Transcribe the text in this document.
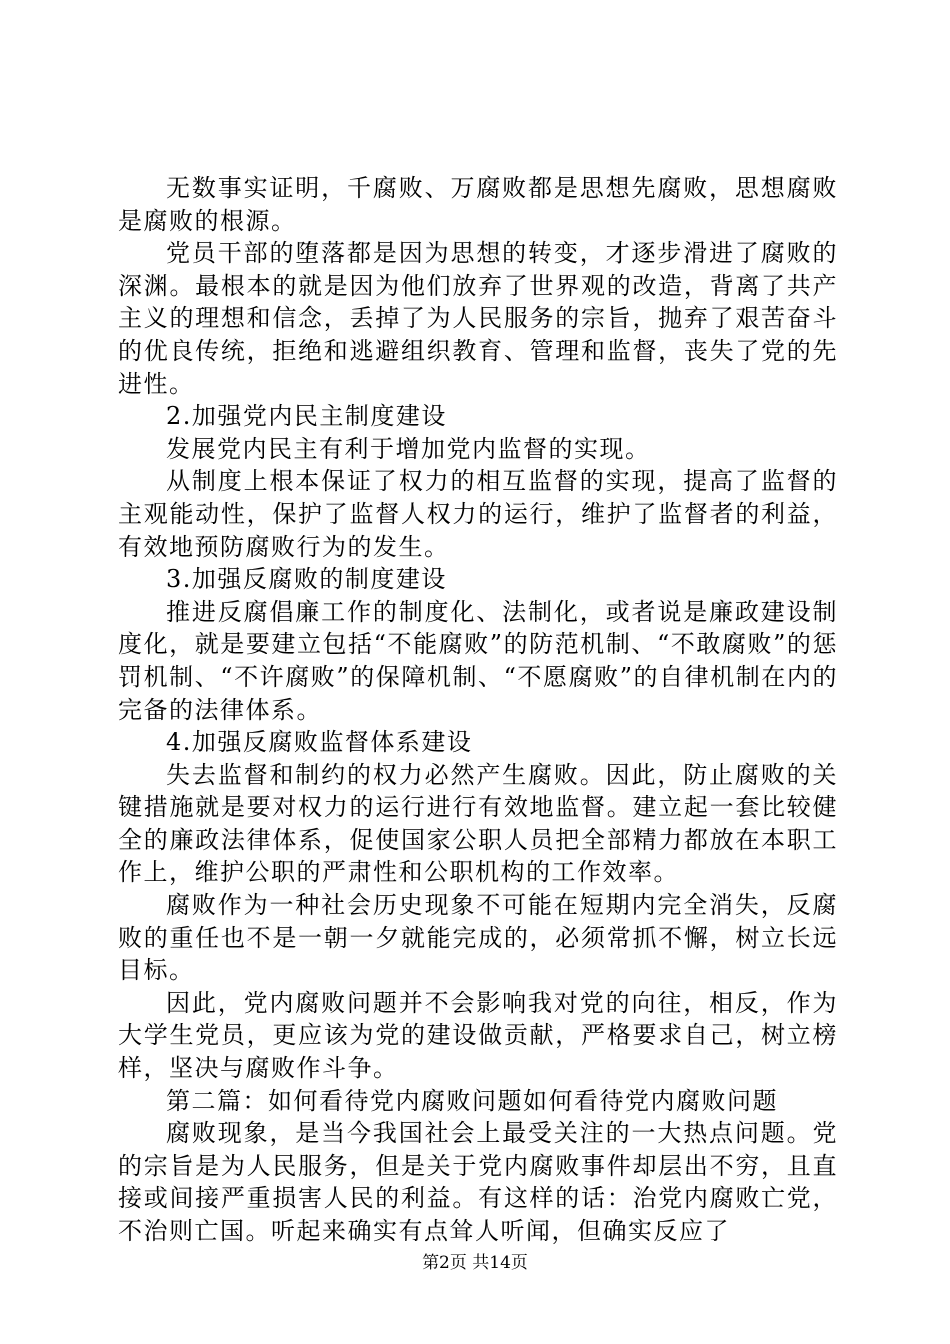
无数事实证明，千腐败、万腐败都是思想先腐败，思想腐败是腐败的根源。

党员干部的堕落都是因为思想的转变，才逐步滑进了腐败的深渊。最根本的就是因为他们放弃了世界观的改造，背离了共产主义的理想和信念，丢掉了为人民服务的宗旨，抛弃了艰苦奋斗的优良传统，拒绝和逃避组织教育、管理和监督，丧失了党的先进性。

2.加强党内民主制度建设

发展党内民主有利于增加党内监督的实现。

从制度上根本保证了权力的相互监督的实现，提高了监督的主观能动性，保护了监督人权力的运行，维护了监督者的利益，有效地预防腐败行为的发生。

3.加强反腐败的制度建设

推进反腐倡廉工作的制度化、法制化，或者说是廉政建设制度化，就是要建立包括“不能腐败”的防范机制、“不敢腐败”的惩罚机制、“不许腐败”的保障机制、“不愿腐败”的自律机制在内的完备的法律体系。

4.加强反腐败监督体系建设

失去监督和制约的权力必然产生腐败。因此，防止腐败的关键措施就是要对权力的运行进行有效地监督。建立起一套比较健全的廉政法律体系，促使国家公职人员把全部精力都放在本职工作上，维护公职的严肃性和公职机构的工作效率。

腐败作为一种社会历史现象不可能在短期内完全消失，反腐败的重任也不是一朝一夕就能完成的，必须常抓不懈，树立长远目标。

因此，党内腐败问题并不会影响我对党的向往，相反，作为大学生党员，更应该为党的建设做贡献，严格要求自己，树立榜样，坚决与腐败作斗争。

第二篇：如何看待党内腐败问题如何看待党内腐败问题

腐败现象，是当今我国社会上最受关注的一大热点问题。党的宗旨是为人民服务，但是关于党内腐败事件却层出不穷，且直接或间接严重损害人民的利益。有这样的话：治党内腐败亡党，不治则亡国。听起来确实有点耸人听闻，但确实反应了

第2页 共14页
